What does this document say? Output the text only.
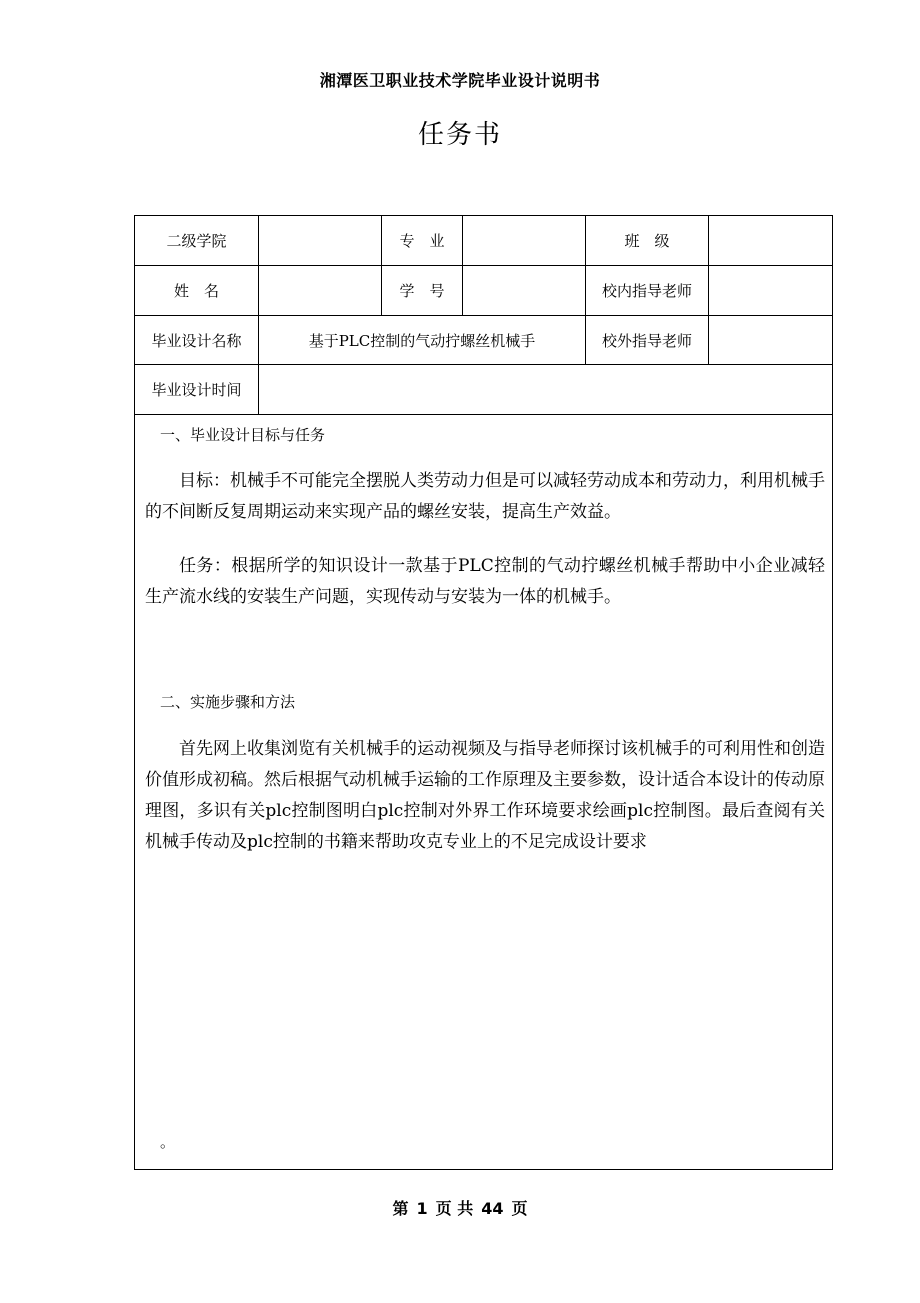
湘潭医卫职业技术学院毕业设计说明书
任务书
二级学院	专　业	班　级
姓　名	学　号	校内指导老师
毕业设计名称	基于PLC控制的气动拧螺丝机械手	校外指导老师
毕业设计时间
一、毕业设计目标与任务
目标：机械手不可能完全摆脱人类劳动力但是可以减轻劳动成本和劳动力，利用机械手的不间断反复周期运动来实现产品的螺丝安装，提高生产效益。
任务：根据所学的知识设计一款基于PLC控制的气动拧螺丝机械手帮助中小企业减轻生产流水线的安装生产问题，实现传动与安装为一体的机械手。
二、实施步骤和方法
首先网上收集浏览有关机械手的运动视频及与指导老师探讨该机械手的可利用性和创造价值形成初稿。然后根据气动机械手运输的工作原理及主要参数，设计适合本设计的传动原理图，多识有关plc控制图明白plc控制对外界工作环境要求绘画plc控制图。最后查阅有关机械手传动及plc控制的书籍来帮助攻克专业上的不足完成设计要求
。
第 1 页 共 44 页
